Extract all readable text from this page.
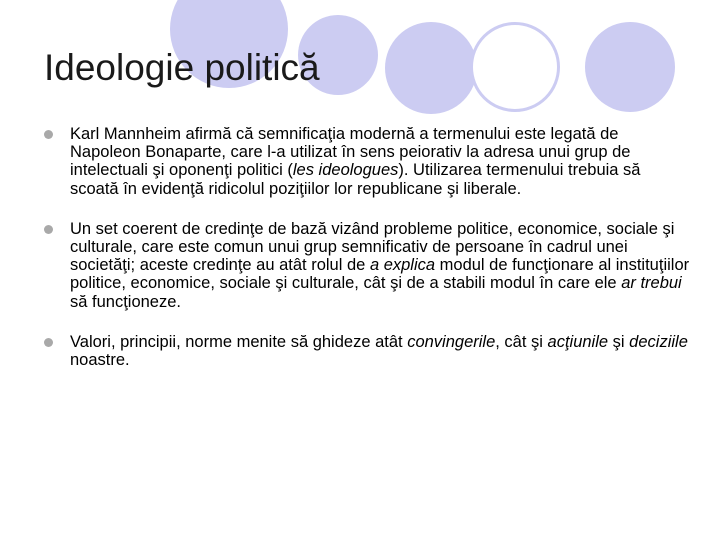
Ideologie politică
Karl Mannheim afirmă că semnificaţia modernă a termenului este legată de Napoleon Bonaparte, care l-a utilizat în sens peiorativ la adresa unui grup de intelectuali şi oponenţi politici (les ideologues). Utilizarea termenului trebuia să scoată în evidenţă ridicolul poziţiilor lor republicane şi liberale.
Un set coerent de credinţe de bază vizând probleme politice, economice, sociale şi culturale, care este comun unui grup semnificativ de persoane în cadrul unei societăţi; aceste credinţe au atât rolul de a explica modul de funcţionare al instituţiilor politice, economice, sociale şi culturale, cât şi de a stabili modul în care ele ar trebui să funcţioneze.
Valori, principii, norme menite să ghideze atât convingerile, cât şi acţiunile şi deciziile noastre.
